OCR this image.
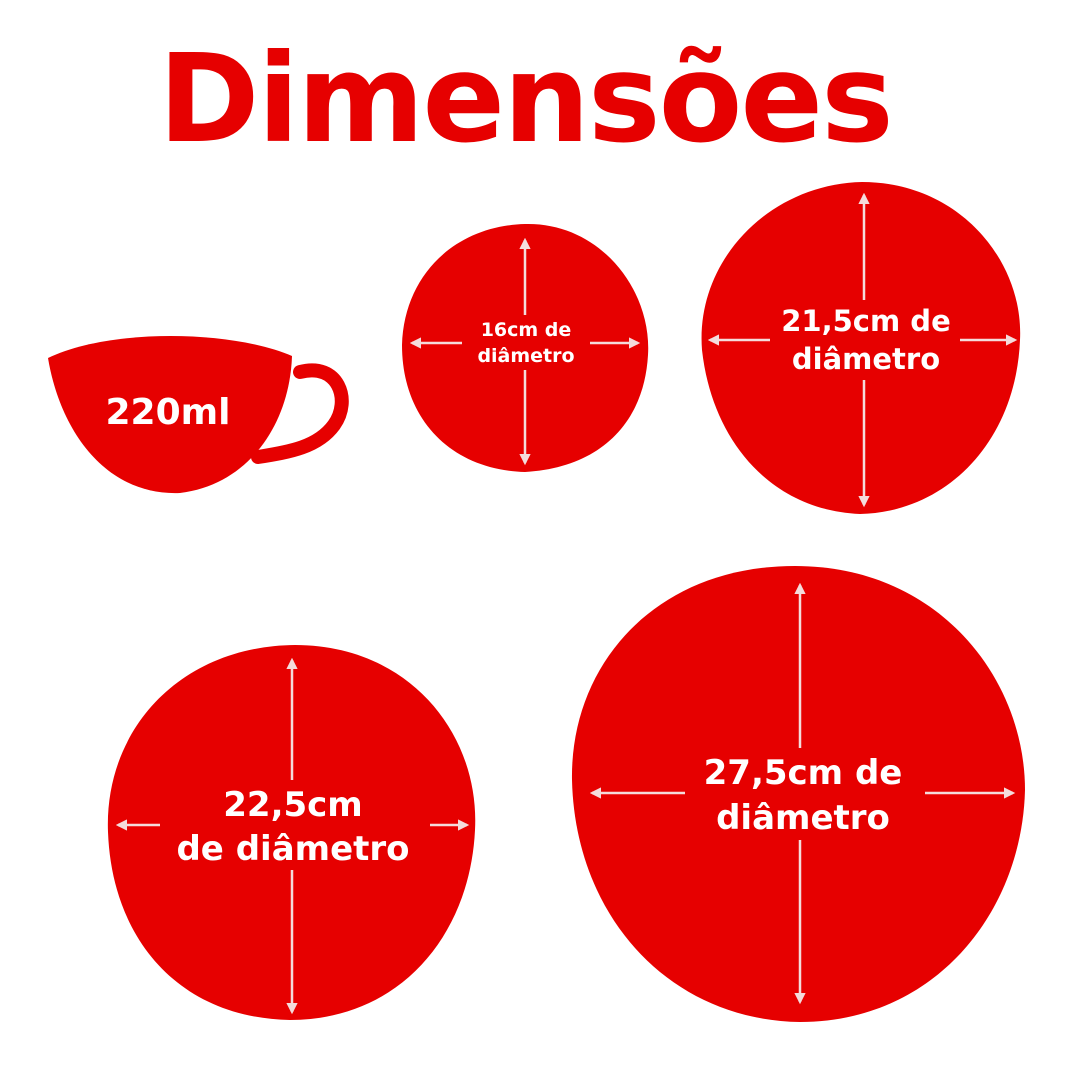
Dimensões
220ml
16cm de
diâmetro
21,5cm de
diâmetro
22,5cm
de diâmetro
27,5cm de
diâmetro
